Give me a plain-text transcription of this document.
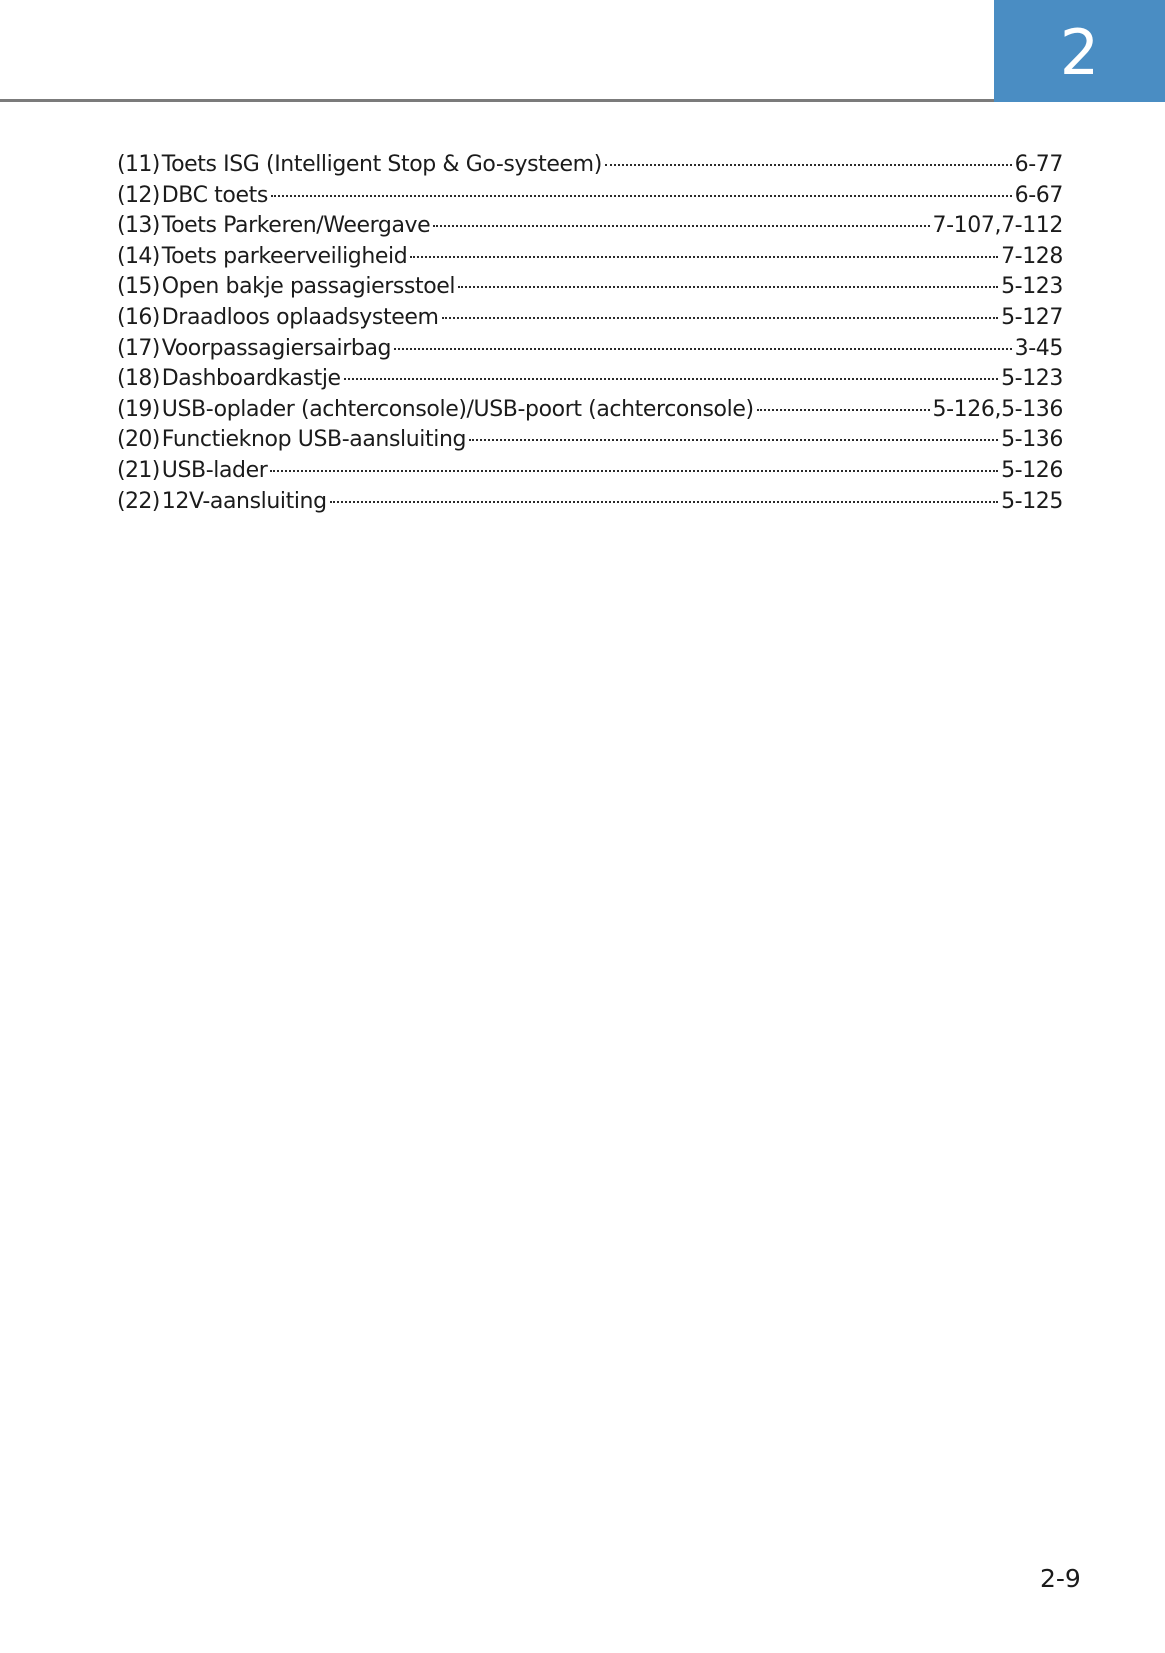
2
(11) Toets ISG (Intelligent Stop & Go-systeem)	6-77
(12) DBC toets	6-67
(13) Toets Parkeren/Weergave	7-107,7-112
(14) Toets parkeerveiligheid	7-128
(15) Open bakje passagiersstoel	5-123
(16) Draadloos oplaadsysteem	5-127
(17) Voorpassagiersairbag	3-45
(18) Dashboardkastje	5-123
(19) USB-oplader (achterconsole)/USB-poort (achterconsole)	5-126,5-136
(20) Functieknop USB-aansluiting	5-136
(21) USB-lader	5-126
(22) 12V-aansluiting	5-125
2-9
